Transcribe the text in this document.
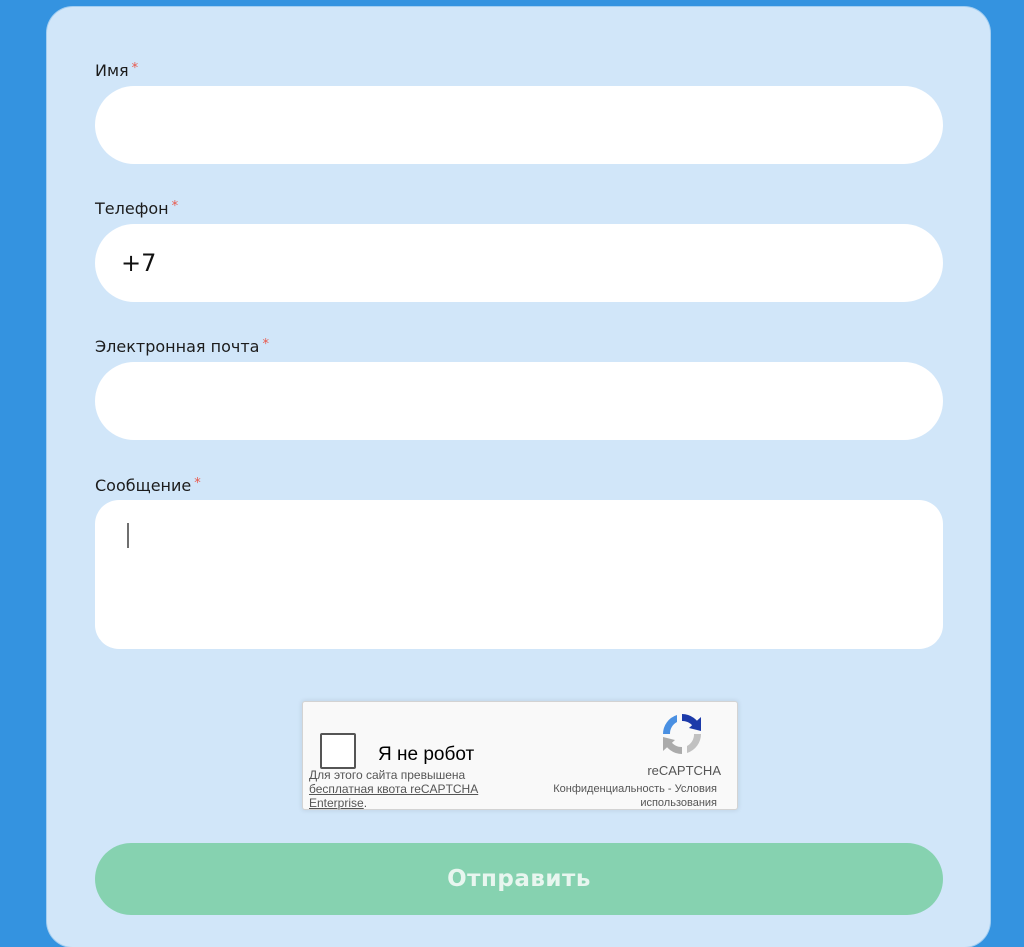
Имя *
Телефон *
+7
Электронная почта *
Сообщение *
Я не робот
Для этого сайта превышена бесплатная квота reCAPTCHA Enterprise.
reCAPTCHA
Конфиденциальность - Условия использования
Отправить
